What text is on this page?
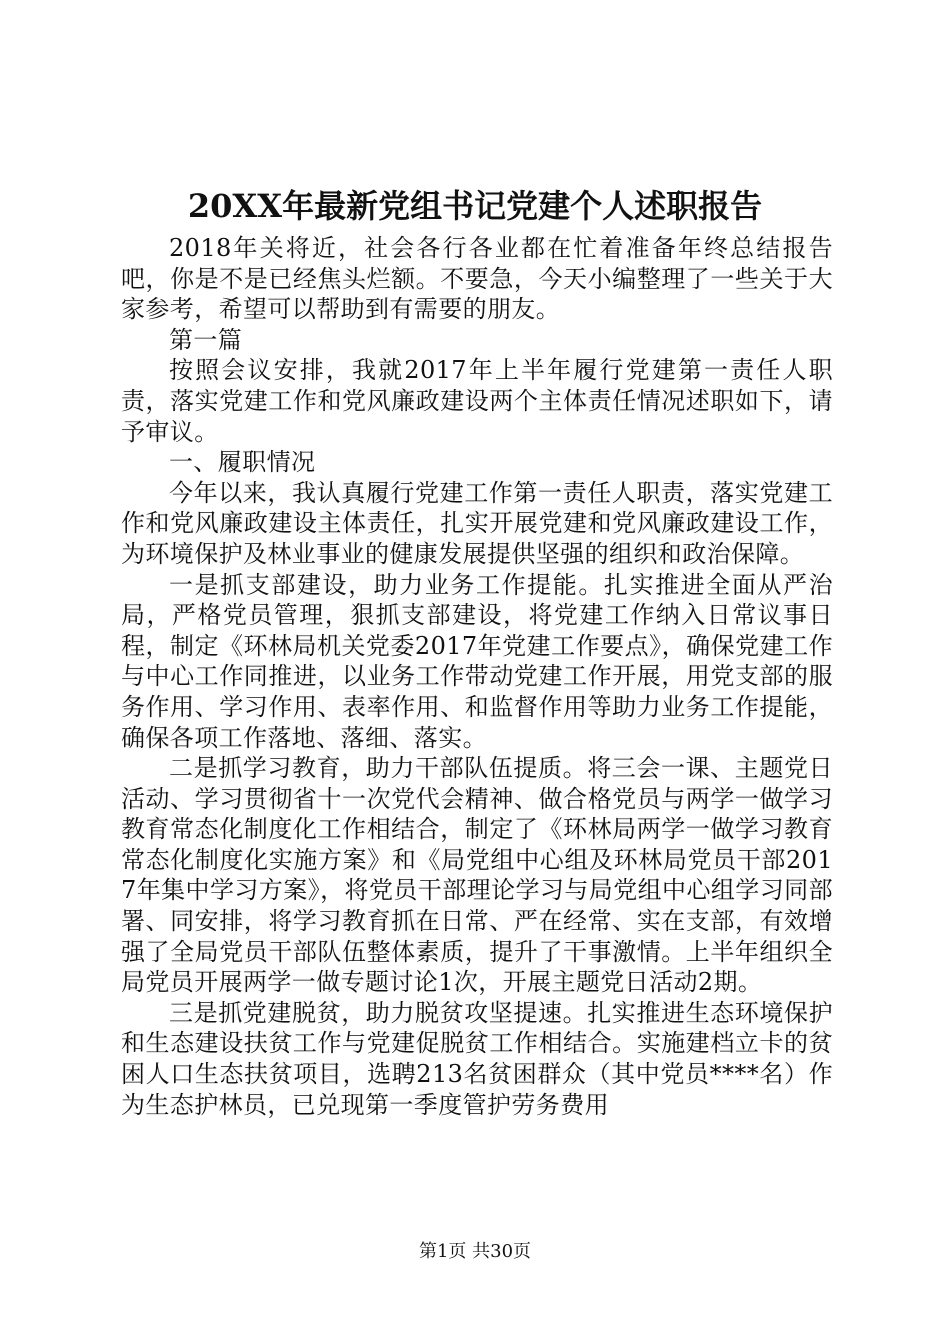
20XX年最新党组书记党建个人述职报告

2018年关将近，社会各行各业都在忙着准备年终总结报告吧，你是不是已经焦头烂额。不要急，今天小编整理了一些关于大家参考，希望可以帮助到有需要的朋友。

第一篇

按照会议安排，我就2017年上半年履行党建第一责任人职责，落实党建工作和党风廉政建设两个主体责任情况述职如下，请予审议。

一、履职情况

今年以来，我认真履行党建工作第一责任人职责，落实党建工作和党风廉政建设主体责任，扎实开展党建和党风廉政建设工作，为环境保护及林业事业的健康发展提供坚强的组织和政治保障。

一是抓支部建设，助力业务工作提能。扎实推进全面从严治局，严格党员管理，狠抓支部建设，将党建工作纳入日常议事日程，制定《环林局机关党委2017年党建工作要点》，确保党建工作与中心工作同推进，以业务工作带动党建工作开展，用党支部的服务作用、学习作用、表率作用、和监督作用等助力业务工作提能，确保各项工作落地、落细、落实。

二是抓学习教育，助力干部队伍提质。将三会一课、主题党日活动、学习贯彻省十一次党代会精神、做合格党员与两学一做学习教育常态化制度化工作相结合，制定了《环林局两学一做学习教育常态化制度化实施方案》和《局党组中心组及环林局党员干部2017年集中学习方案》，将党员干部理论学习与局党组中心组学习同部署、同安排，将学习教育抓在日常、严在经常、实在支部，有效增强了全局党员干部队伍整体素质，提升了干事激情。上半年组织全局党员开展两学一做专题讨论1次，开展主题党日活动2期。

三是抓党建脱贫，助力脱贫攻坚提速。扎实推进生态环境保护和生态建设扶贫工作与党建促脱贫工作相结合。实施建档立卡的贫困人口生态扶贫项目，选聘213名贫困群众（其中党员****名）作为生态护林员，已兑现第一季度管护劳务费用

第1页 共30页
